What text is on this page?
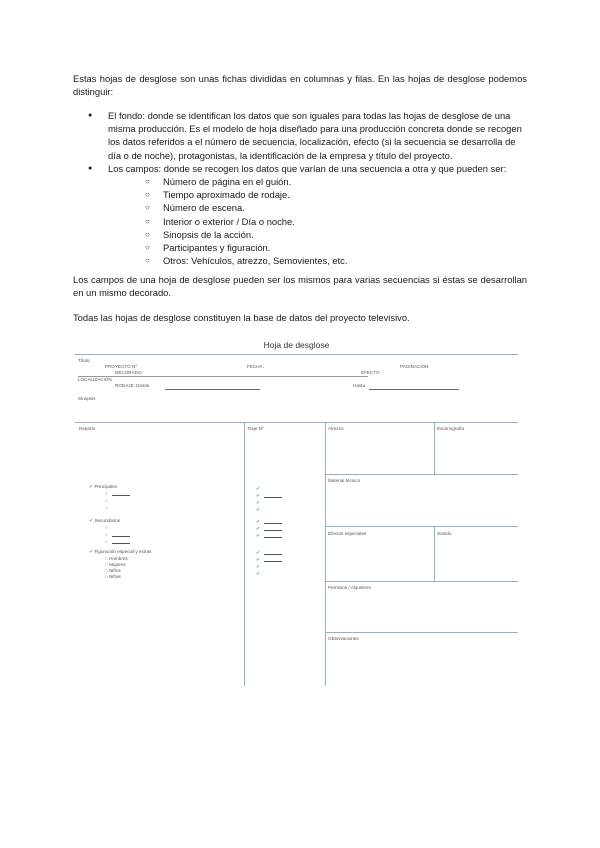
Estas hojas de desglose son unas fichas divididas en columnas y filas. En las hojas de desglose podemos distinguir:

● El fondo: donde se identifican los datos que son iguales para todas las hojas de desglose de una misma producción. Es el modelo de hoja diseñado para una producción concreta donde se recogen los datos referidos a el número de secuencia, localización, efecto (si la secuencia se desarrolla de día o de noche), protagonistas, la identificación de la empresa y título del proyecto.
● Los campos: donde se recogen los datos que varían de una secuencia a otra y que pueden ser:
○ Número de página en el guión.
○ Tiempo aproximado de rodaje.
○ Número de escena.
○ Interior o exterior / Día o noche.
○ Sinopsis de la acción.
○ Participantes y figuración.
○ Otros: Vehículos, atrezzo, Semovientes, etc.

Los campos de una hoja de desglose pueden ser los mismos para varias secuencias si éstas se desarrollan en un mismo decorado.

Todas las hojas de desglose constituyen la base de datos del proyecto televisivo.

Hoja de desglose
Título:
PROYECTO Nº
DECORADO
FECHA:
EFECTO
PAGINACIÓN
LOCALIZACIÓN
RODAJE: Desde	Hasta
Sinopsis
Reparto	Traje Nº	Atrezzo	Escenografía
Material técnico
Efectos especiales	Sonido
Permisos / Alquileres
Observaciones
✔ Principales
○
○
○
✔ Secundarios
○
○
○
✔ Figuración especial y extras
○ Hombres
○ Mujeres
○ Niños
○ Niñas
✔
✔
✔
✔
✔
✔
✔
✔
✔
✔
✔
